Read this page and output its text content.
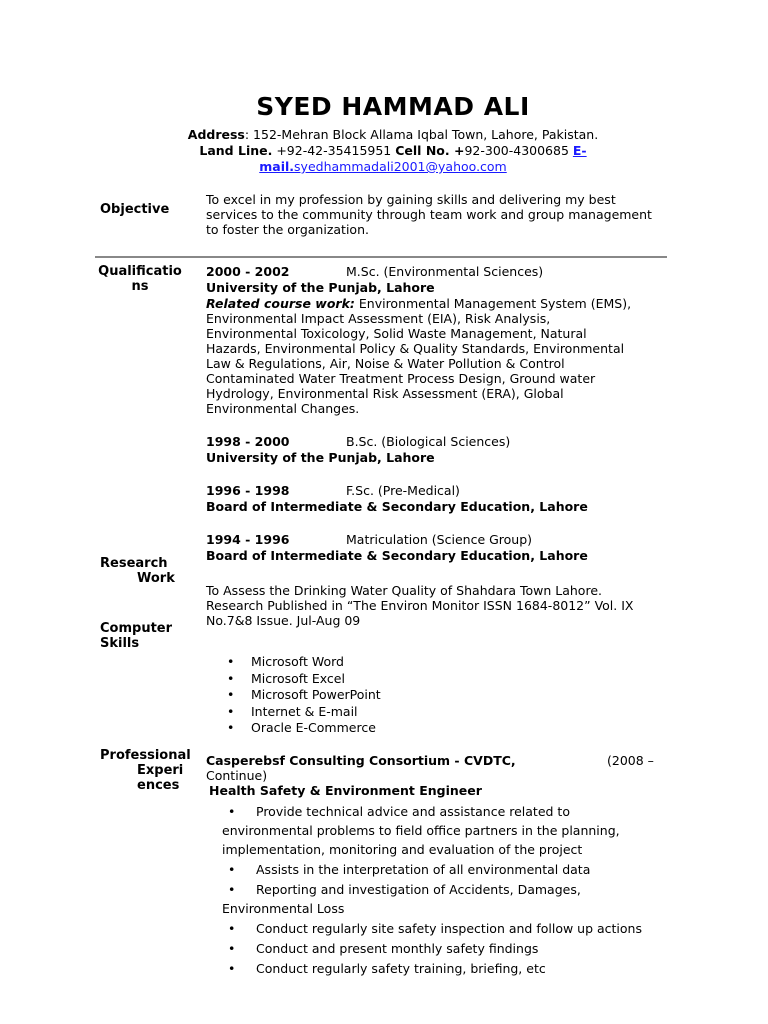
SYED HAMMAD ALI
Address: 152-Mehran Block Allama Iqbal Town, Lahore, Pakistan.
Land Line. +92-42-35415951 Cell No. +92-300-4300685 E-
mail.syedhammadali2001@yahoo.com
Objective
To excel in my profession by gaining skills and delivering my best
services to the community through team work and group management
to foster the organization.
Qualificatio
ns
2000 - 2002	M.Sc. (Environmental Sciences)
University of the Punjab, Lahore
Related course work: Environmental Management System (EMS),
Environmental Impact Assessment (EIA), Risk Analysis,
Environmental Toxicology, Solid Waste Management, Natural
Hazards, Environmental Policy & Quality Standards, Environmental
Law & Regulations, Air, Noise & Water Pollution & Control
Contaminated Water Treatment Process Design, Ground water
Hydrology, Environmental Risk Assessment (ERA), Global
Environmental Changes.
1998 - 2000	B.Sc. (Biological Sciences)
University of the Punjab, Lahore
1996 - 1998	F.Sc. (Pre-Medical)
Board of Intermediate & Secondary Education, Lahore
1994 - 1996	Matriculation (Science Group)
Board of Intermediate & Secondary Education, Lahore
Research
Work
To Assess the Drinking Water Quality of Shahdara Town Lahore.
Research Published in “The Environ Monitor ISSN 1684-8012” Vol. IX
No.7&8 Issue. Jul-Aug 09
Computer
Skills
• Microsoft Word
• Microsoft Excel
• Microsoft PowerPoint
• Internet & E-mail
• Oracle E-Commerce
Professional
Experi
ences
Casperebsf Consulting Consortium - CVDTC,	(2008 –
Continue)
Health Safety & Environment Engineer
• Provide technical advice and assistance related to
environmental problems to field office partners in the planning,
implementation, monitoring and evaluation of the project
• Assists in the interpretation of all environmental data
• Reporting and investigation of Accidents, Damages,
Environmental Loss
• Conduct regularly site safety inspection and follow up actions
• Conduct and present monthly safety findings
• Conduct regularly safety training, briefing, etc
